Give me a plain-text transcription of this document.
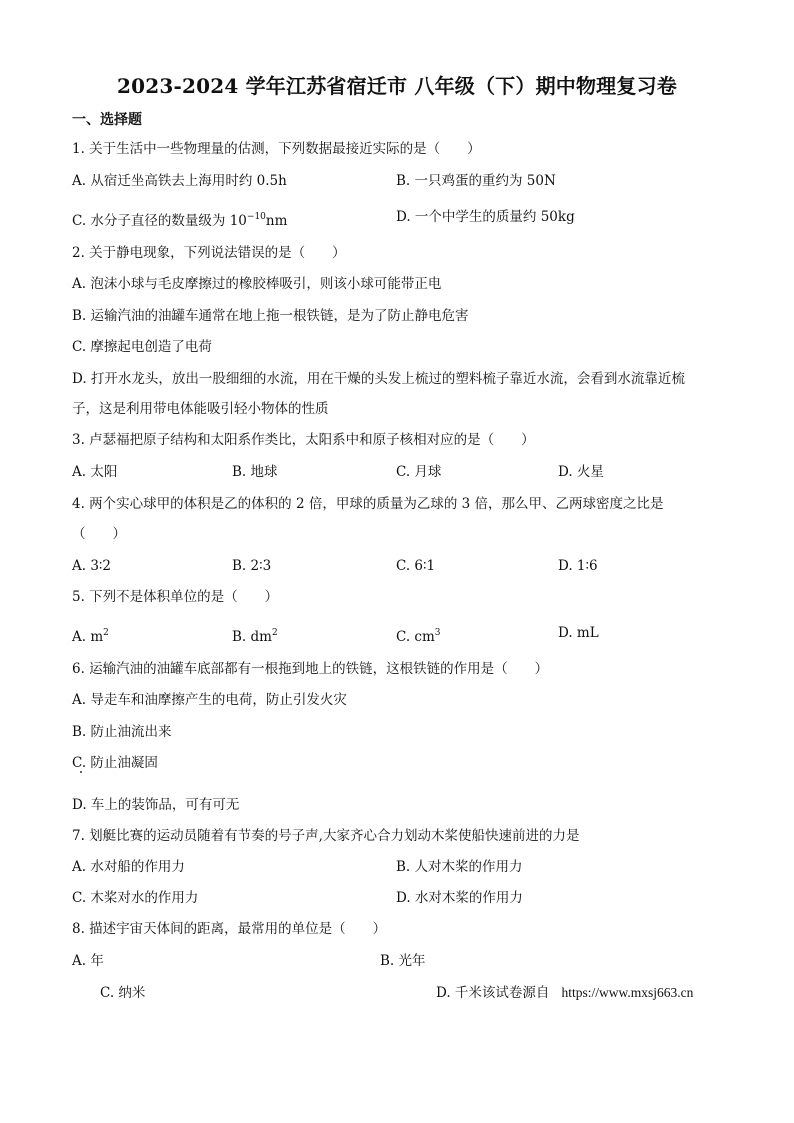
2023-2024 学年江苏省宿迁市 八年级（下）期中物理复习卷
一、选择题
1. 关于生活中一些物理量的估测，下列数据最接近实际的是（　　）
A. 从宿迁坐高铁去上海用时约 0.5h	B. 一只鸡蛋的重约为 50N
C. 水分子直径的数量级为 $10^{-10}nm$	D. 一个中学生的质量约 50kg
2. 关于静电现象，下列说法错误的是（　　）
A. 泡沫小球与毛皮摩擦过的橡胶棒吸引，则该小球可能带正电
B. 运输汽油的油罐车通常在地上拖一根铁链，是为了防止静电危害
C. 摩擦起电创造了电荷
D. 打开水龙头，放出一股细细的水流，用在干燥的头发上梳过的塑料梳子靠近水流，会看到水流靠近梳
子，这是利用带电体能吸引轻小物体的性质
3. 卢瑟福把原子结构和太阳系作类比，太阳系中和原子核相对应的是（　　）
A. 太阳	B. 地球	C. 月球	D. 火星
4. 两个实心球甲的体积是乙的体积的 2 倍，甲球的质量为乙球的 3 倍，那么甲、乙两球密度之比是
（　　）
A. 3∶2	B. 2∶3	C. 6∶1	D. 1∶6
5. 下列不是体积单位的是（　　）
A. $m^2$	B. $dm^2$	C. $cm^3$	D. mL
6. 运输汽油的油罐车底部都有一根拖到地上的铁链，这根铁链的作用是（　　）
A. 导走车和油摩擦产生的电荷，防止引发火灾
B. 防止油流出来
C. 防止油凝固
D. 车上的装饰品，可有可无
7. 划艇比赛的运动员随着有节奏的号子声,大家齐心合力划动木桨使船快速前进的力是
A. 水对船的作用力	B. 人对木桨的作用力
C. 木桨对水的作用力	D. 水对木桨的作用力
8. 描述宇宙天体间的距离，最常用的单位是（　　）
A. 年	B. 光年
C. 纳米	D. 千米该试卷源自 https://www.mxsj663.cn
